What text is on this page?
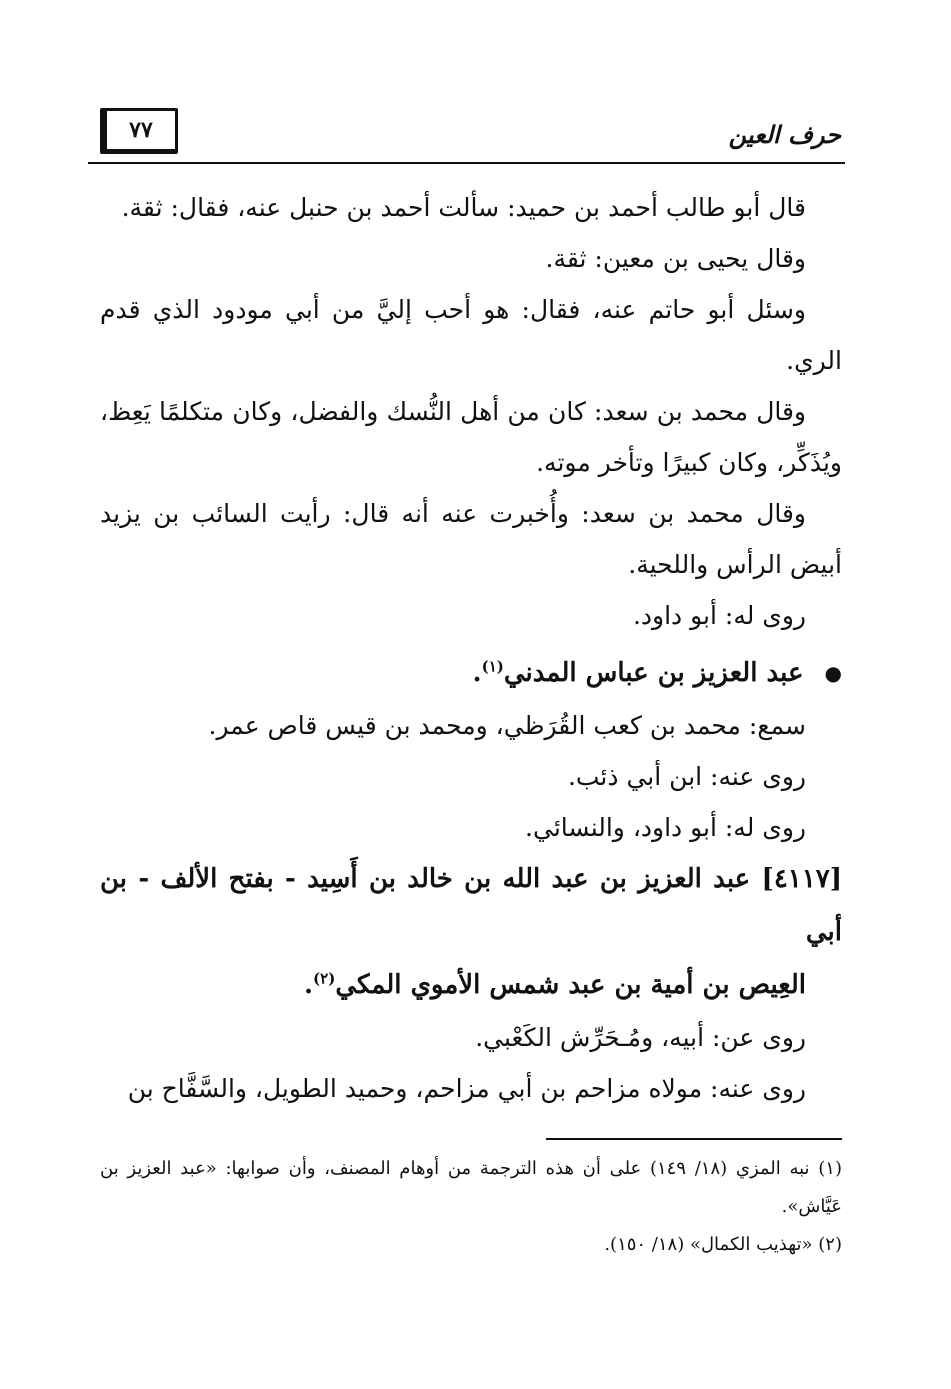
٧٧	حرف العين

قال أبو طالب أحمد بن حميد: سألت أحمد بن حنبل عنه، فقال: ثقة.

وقال يحيى بن معين: ثقة.

وسئل أبو حاتم عنه، فقال: هو أحب إليَّ من أبي مودود الذي قدم الري.

وقال محمد بن سعد: كان من أهل النُّسك والفضل، وكان متكلمًا يَعِظ، ويُذَكِّر، وكان كبيرًا وتأخر موته.

وقال محمد بن سعد: وأُخبرت عنه أنه قال: رأيت السائب بن يزيد أبيض الرأس واللحية.

روى له: أبو داود.

● عبد العزيز بن عباس المدني$^{(١)}$.

سمع: محمد بن كعب القُرَظي، ومحمد بن قيس قاص عمر.

روى عنه: ابن أبي ذئب.

روى له: أبو داود، والنسائي.

[٤١١٧] عبد العزيز بن عبد الله بن خالد بن أَسِيد - بفتح الألف - بن أبي
العِيص بن أمية بن عبد شمس الأموي المكي$^{(٢)}$.

روى عن: أبيه، ومُـحَرِّش الكَعْبي.

روى عنه: مولاه مزاحم بن أبي مزاحم، وحميد الطويل، والسَّفَّاح بن

(١) نبه المزي (١٨/ ١٤٩) على أن هذه الترجمة من أوهام المصنف، وأن صوابها: «عبد العزيز بن عَيَّاش».

(٢) «تهذيب الكمال» (١٨/ ١٥٠).
